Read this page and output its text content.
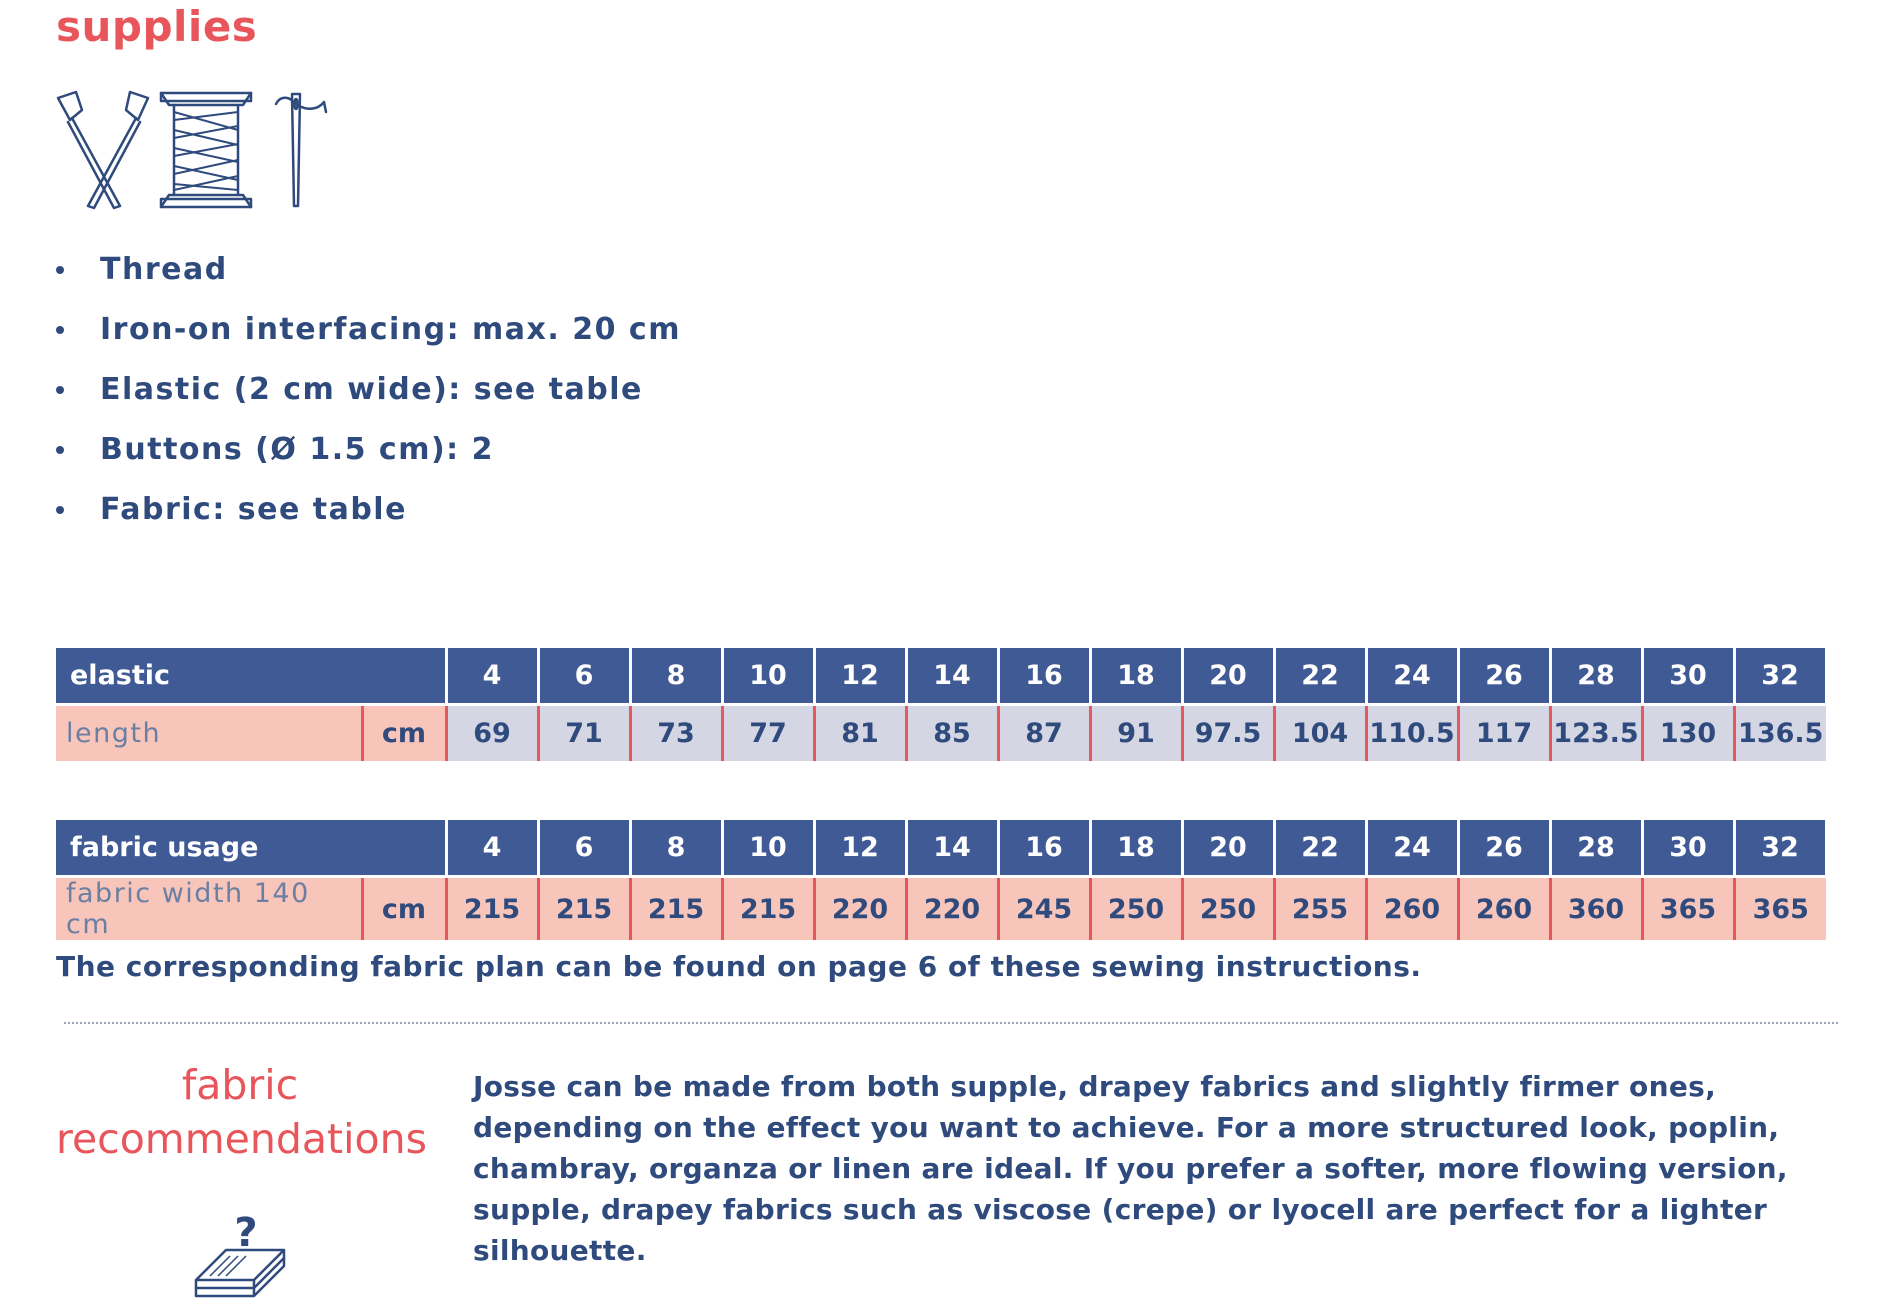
supplies
Thread
Iron-on interfacing: max. 20 cm
Elastic (2 cm wide): see table
Buttons (Ø 1.5 cm): 2
Fabric: see table
elastic		4	6	8	10	12	14	16	18	20	22	24	26	28	30	32
length	cm	69	71	73	77	81	85	87	91	97.5	104	110.5	117	123.5	130	136.5
fabric usage		4	6	8	10	12	14	16	18	20	22	24	26	28	30	32
fabric width 140 cm	cm	215	215	215	215	220	220	245	250	250	255	260	260	360	365	365
The corresponding fabric plan can be found on page 6 of these sewing instructions.
fabric
recommendations
Josse can be made from both supple, drapey fabrics and slightly firmer ones, depending on the effect you want to achieve. For a more structured look, poplin, chambray, organza or linen are ideal. If you prefer a softer, more flowing version, supple, drapey fabrics such as viscose (crepe) or lyocell are perfect for a lighter silhouette.
?
